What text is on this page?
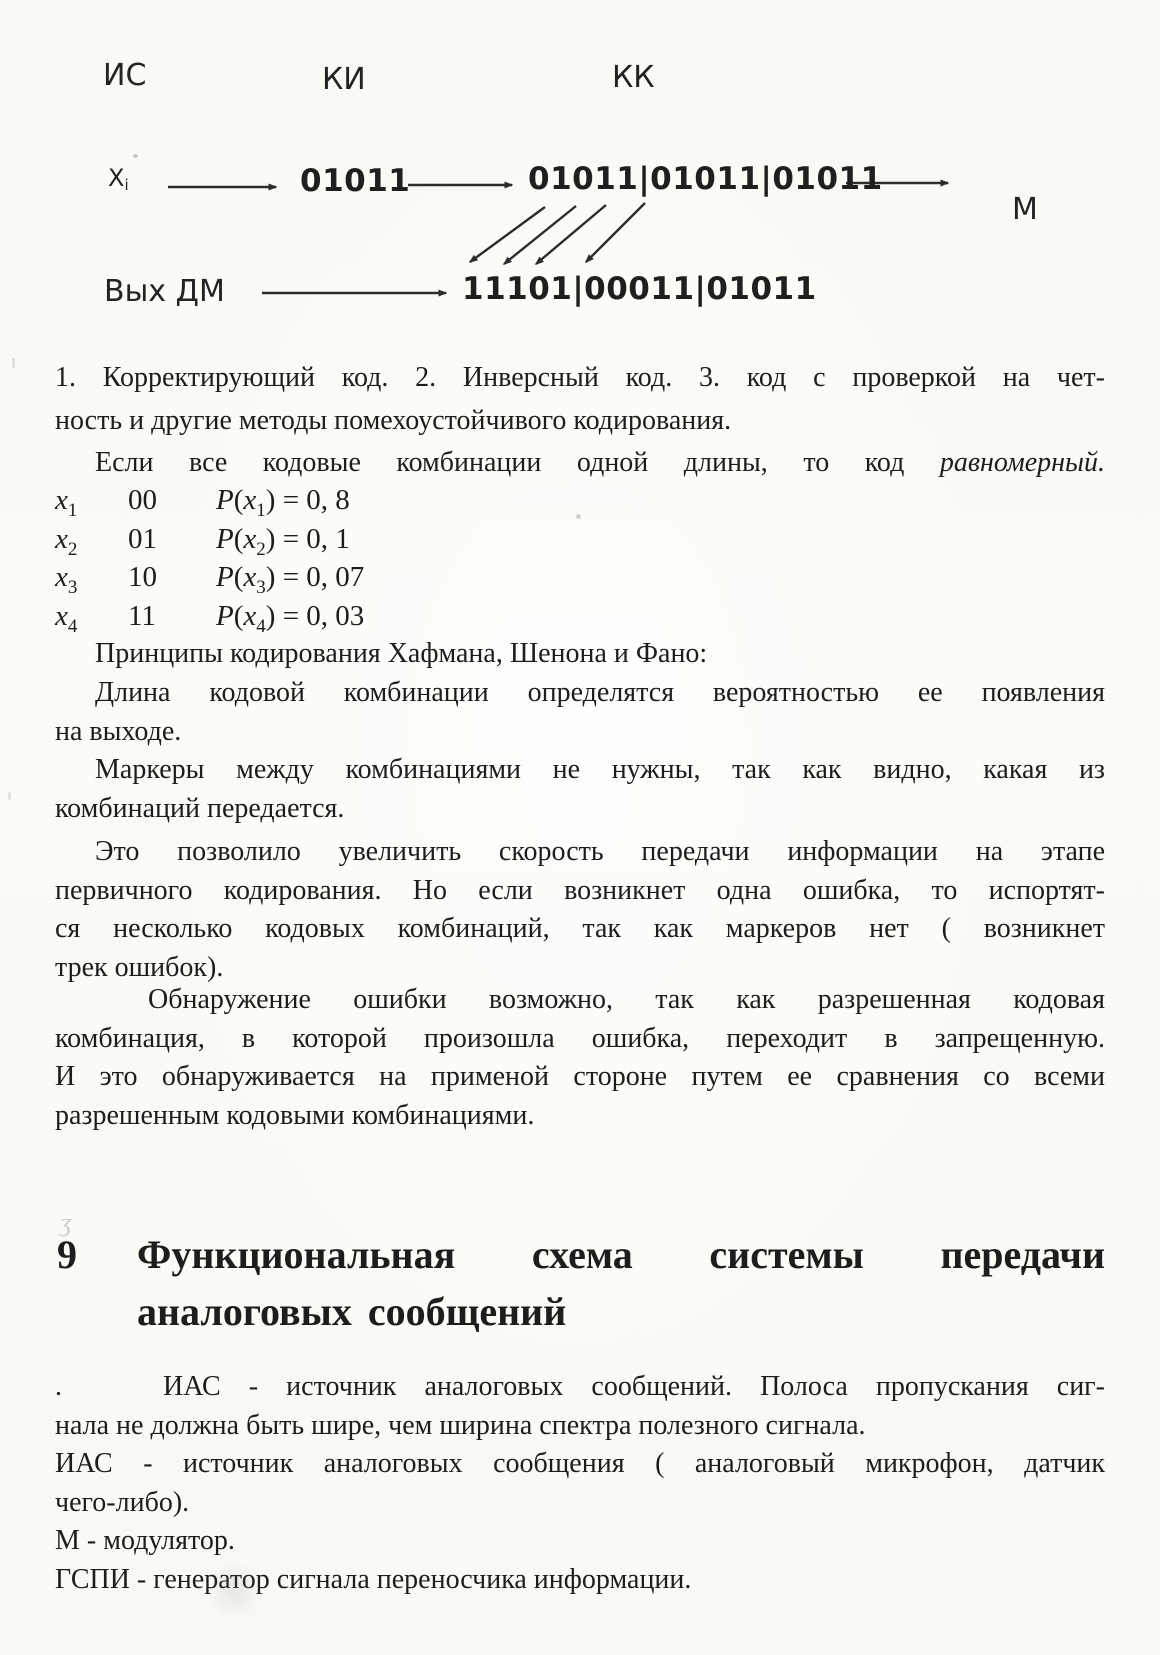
ИС	КИ	КК
$Х_i$	01011	01011|01011|01011
М
Вых ДМ	11101|00011|01011
1. Корректирующий код. 2. Инверсный код. 3. код с проверкой на чет-
ность и другие методы помехоустойчивого кодирования.
Если все кодовые комбинации одной длины, то код равномерный.
$x_1$ 00 $P(x_1) = 0$, 8
$x_2$ 01 $P(x_2) = 0$, 1
$x_3$ 10 $P(x_3) = 0$, 07
$x_4$ 11 $P(x_4) = 0$, 03
Принципы кодирования Хафмана, Шенона и Фано:
Длина кодовой комбинации определятся вероятностью ее появления
на выходе.
Маркеры между комбинациями не нужны, так как видно, какая из
комбинаций передается.
Это позволило увеличить скорость передачи информации на этапе
первичного кодирования. Но если возникнет одна ошибка, то испортят-
ся несколько кодовых комбинаций, так как маркеров нет ( возникнет
трек ошибок).
Обнаружение ошибки возможно, так как разрешенная кодовая
комбинация, в которой произошла ошибка, переходит в запрещенную.
И это обнаруживается на применой стороне путем ее сравнения со всеми
разрешенным кодовыми комбинациями.
9 Функциональная схема системы передачи
аналоговых сообщений
.	ИАС - источник аналоговых сообщений. Полоса пропускания сиг-
нала не должна быть шире, чем ширина спектра полезного сигнала.
ИАС - источник аналоговых сообщения ( аналоговый микрофон, датчик
чего-либо).
М - модулятор.
ГСПИ - генератор сигнала переносчика информации.
ʒ
